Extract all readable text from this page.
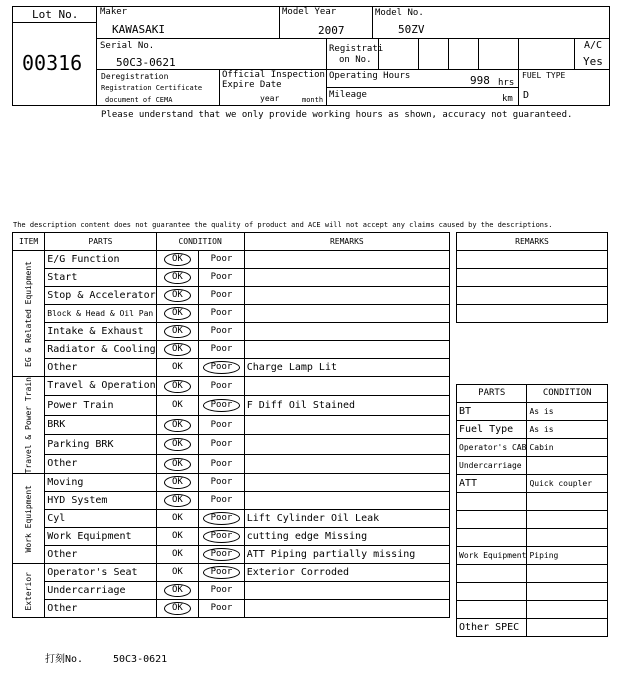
Lot No.
00316
Maker
KAWASAKI
Model Year
2007
Model No.
50ZV
Serial No.
50C3-0621
Registrati
on No.
A/C
Yes
Deregistration
Registration Certificate
document of CEMA
Official Inspection
Expire Date
year	month
Operating Hours	998 hrs
Mileage	km
FUEL TYPE
D
Please understand that we only provide working hours as shown, accuracy not guaranteed.
The description content does not guarantee the quality of product and ACE will not accept any claims caused by the descriptions.
ITEM	PARTS	CONDITION		REMARKS

EG & Related Equipment	E/G Function	OK	Poor	
	Start	OK	Poor	
	Stop & Accelerator	OK	Poor	
	Block & Head & Oil Pan	OK	Poor	
	Intake & Exhaust	OK	Poor	
	Radiator & Cooling	OK	Poor	
	Other	OK	Poor	Charge Lamp Lit

Travel & Power Train	Travel & Operation	OK	Poor	
	Power Train	OK	Poor	F Diff Oil Stained
	BRK	OK	Poor	
	Parking BRK	OK	Poor	
	Other	OK	Poor	

Work Equipment	Moving	OK	Poor	
	HYD System	OK	Poor	
	Cyl	OK	Poor	Lift Cylinder Oil Leak
	Work Equipment	OK	Poor	cutting edge Missing
	Other	OK	Poor	ATT Piping partially missing

Exterior	Operator's Seat	OK	Poor	Exterior Corroded
	Undercarriage	OK	Poor	
	Other	OK	Poor	
REMARKS

PARTS	CONDITION
BT	As is
Fuel Type	As is
Operator's CAB	Cabin
Undercarriage	
ATT	Quick coupler

Work Equipment	Piping

Other SPEC	
打刻No.	50C3-0621
